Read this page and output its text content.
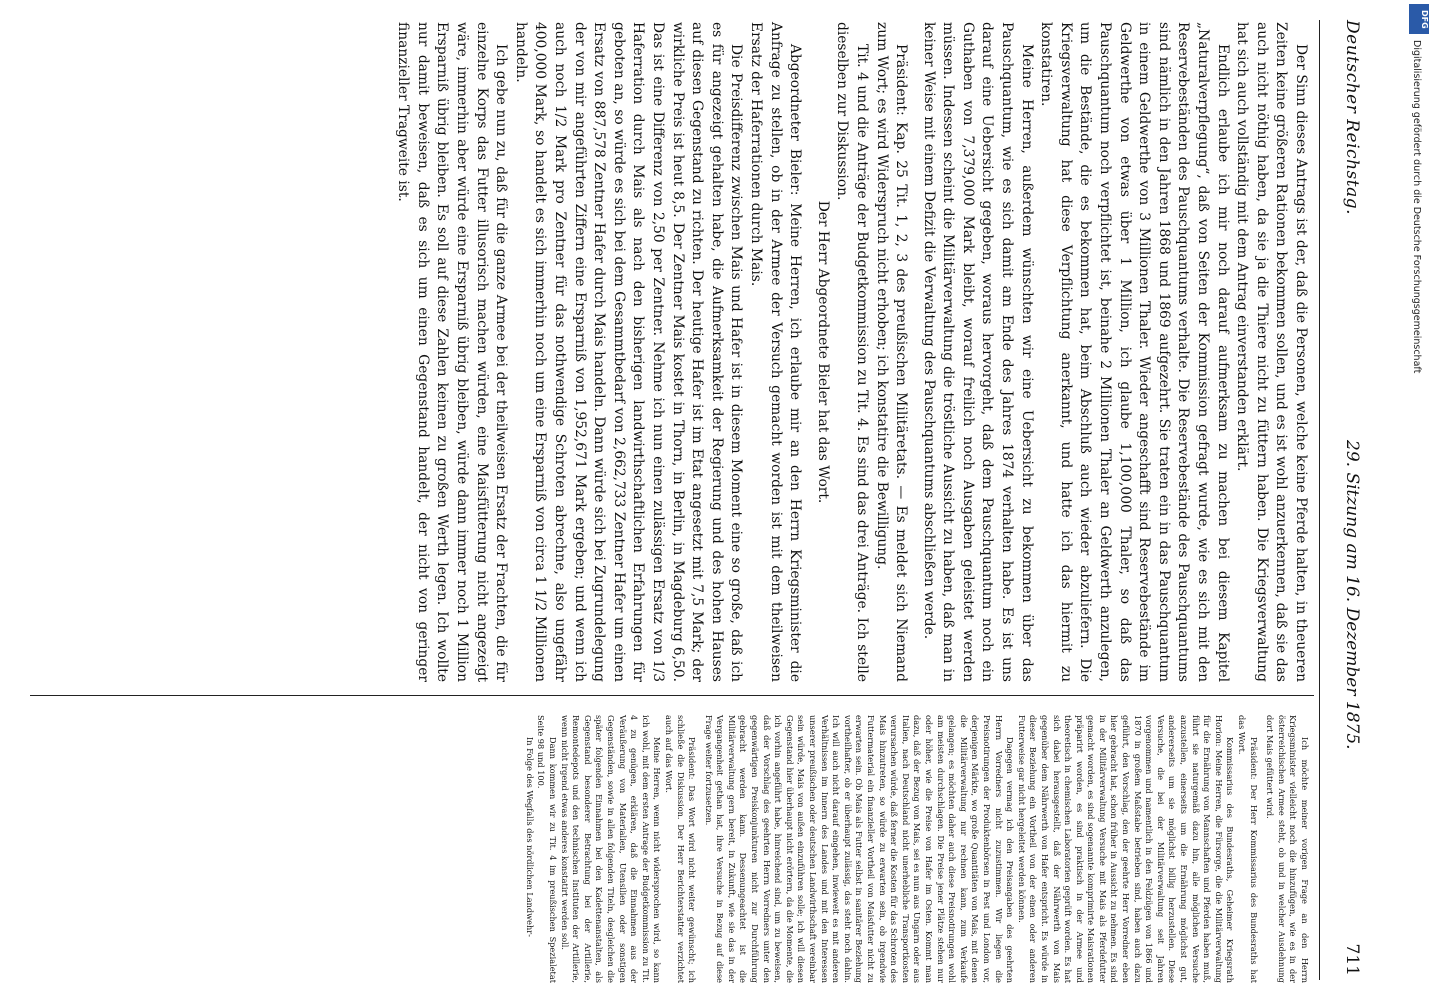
Deutscher Reichstag.
29. Sitzung am 16. Dezember 1875.
711

Der Sinn dieses Antrags ist der, daß die Personen, welche keine Pferde halten, in theueren Zeiten keine größeren Rationen bekommen sollen, und es ist wohl anzuerkennen, daß sie das auch nicht nöthig haben, da sie ja die Thiere nicht zu füttern haben. Die Kriegsverwaltung hat sich auch vollständig mit dem Antrag einverstanden erklärt.

Endlich erlaube ich mir noch darauf aufmerksam zu machen bei diesem Kapitel „Naturalverpflegung“, daß von Seiten der Kommission gefragt wurde, wie es sich mit den Reservebeständen des Pauschquantums verhalte. Die Reservebestände des Pauschquantums sind nämlich in den Jahren 1868 und 1869 aufgezehrt. Sie traten ein in das Pauschquantum in einem Geldwerthe von 3 Millionen Thaler. Wieder angeschafft sind Reservebestände im Geldwerthe von etwas über 1 Million, ich glaube 1,100,000 Thaler, so daß das Pauschquantum noch verpflichtet ist, beinahe 2 Millionen Thaler an Geldwerth anzulegen, um die Bestände, die es bekommen hat, beim Abschluß auch wieder abzuliefern. Die Kriegsverwaltung hat diese Verpflichtung anerkannt, und hatte ich das hiermit zu konstatiren.

Meine Herren, außerdem wünschten wir eine Uebersicht zu bekommen über das Pauschquantum, wie es sich damit am Ende des Jahres 1874 verhalten habe. Es ist uns darauf eine Uebersicht gegeben, woraus hervorgeht, daß dem Pauschquantum noch ein Guthaben von 7,379,000 Mark bleibt, worauf freilich noch Ausgaben geleistet werden müssen. Indessen scheint die Militärverwaltung die tröstliche Aussicht zu haben, daß man in keiner Weise mit einem Defizit die Verwaltung des Pauschquantums abschließen werde.

Präsident: Kap. 25 Tit. 1, 2, 3 des preußischen Militäretats. — Es meldet sich Niemand zum Wort; es wird Widerspruch nicht erhoben; ich konstatire die Bewilligung.

Tit. 4 und die Anträge der Budgetkommission zu Tit. 4. Es sind das drei Anträge. Ich stelle dieselben zur Diskussion.

Der Herr Abgeordnete Bieler hat das Wort.

Abgeordneter Bieler: Meine Herren, ich erlaube mir an den Herrn Kriegsminister die Anfrage zu stellen, ob in der Armee der Versuch gemacht worden ist mit dem theilweisen Ersatz der Haferrationen durch Mais.

Die Preisdifferenz zwischen Mais und Hafer ist in diesem Moment eine so große, daß ich es für angezeigt gehalten habe, die Aufmerksamkeit der Regierung und des hohen Hauses auf diesen Gegenstand zu richten. Der heutige Hafer ist im Etat angesetzt mit 7,5 Mark; der wirkliche Preis ist heut 8,5. Der Zentner Mais kostet in Thorn, in Berlin, in Magdeburg 6,50. Das ist eine Differenz von 2,50 per Zentner. Nehme ich nun einen zulässigen Ersatz von 1/3 Haferration durch Mais als nach den bisherigen landwirthschaftlichen Erfahrungen für geboten an, so würde es sich bei dem Gesammtbedarf von 2,662,733 Zentner Hafer um einen Ersatz von 887,578 Zentner Hafer durch Mais handeln. Dann würde sich bei Zugrundelegung der von mir angeführten Ziffern eine Ersparniß von 1,952,671 Mark ergeben; und wenn ich auch noch 1/2 Mark pro Zentner für das nothwendige Schroten abrechne, also ungefähr 400,000 Mark, so handelt es sich immerhin noch um eine Ersparniß von circa 1 1/2 Millionen handeln.

Ich gebe nun zu, daß für die ganze Armee bei der theilweisen Ersatz der Frachten, die für einzelne Korps das Futter illusorisch machen würden, eine Maisfütterung nicht angezeigt wäre, immerhin aber würde eine Ersparniß übrig bleiben, würde dann immer noch 1 Million Ersparniß übrig bleiben. Es soll auf diese Zahlen keinen zu großen Werth legen. Ich wollte nur damit beweisen, daß es sich um einen Gegenstand handelt, der nicht von geringer finanzieller Tragweite ist.

Ich möchte meiner vorigen Frage an den Herrn Kriegsminister vielleicht noch die hinzufügen, wie es in der österreichischen Armee steht, ob und in welcher Ausdehnung dort Mais gefüttert wird.

Präsident: Der Herr Kommissarius des Bundesraths hat das Wort.

Kommissarius des Bundesraths, Geheimer Kriegsrath Horion: Meine Herren, die Fürsorge, die die Militärverwaltung für die Ernährung von Mannschaften und Pferden haben muß, führt sie naturgemäß dazu hin, alle möglichen Versuche anzustellen, einerseits um die Ernährung möglichst gut, andererseits um sie möglichst billig herzustellen. Diese Versuche, die bei der Militärverwaltung seit Jahren vorgenommen und namentlich in den Feldzügen von 1866 und 1870 in großem Maßstabe betrieben sind, haben auch dazu geführt, den Vorschlag, den der geehrte Herr Vorredner eben hier gebracht hat, schon früher in Aussicht zu nehmen. Es sind in der Militärverwaltung Versuche mit Mais als Pferdefutter gemacht worden, es sind sogenannte komprimirte Maisrationen präparirt worden, es sind praktisch in der Armee und theoretisch in chemischen Laboratorien geprüft worden. Es hat sich dabei herausgestellt, daß der Nährwerth von Mais gegenüber dem Nährwerth von Hafer entspricht. Es würde in dieser Beziehung ein Vortheil von der einen oder anderen Futterweise gar nicht hergeleitet werden können.

Dagegen vermag ich den Preisangaben des geehrten Herrn Vorredners nicht zuzustimmen. Wir liegen die Preisnotirungen der Produktenbörsen in Pest und London vor, derjenigen Märkte, wo große Quantitäten von Mais, mit denen die Militärverwaltung nur rechnen kann, zum Verkaufe gelangen; es möchten daher auch diese Preisnotirungen wohl am meisten durchschlagen. Die Preise jener Plätze stehen nur oder höher, wie die Preise von Hafer im Osten. Kommt man dazu, daß der Bezug von Mais, sei es nun aus Ungarn oder aus Italien, nach Deutschland nicht unerhebliche Transportkosten verursachen würde, daß ferner die Kosten für das Schroten des Mais hinzutreten, so würde zu erwarten sein, ob irgendwie Futtermaterial ein finanzieller Vortheil von Maisfutter nicht zu erwarten sein. Ob Mais als Futter selbst in sanitärer Beziehung vortheilhafter, ob er überhaupt zulässig, das steht noch dahin. Ich will auch nicht darauf eingehen, inwieweit es mit anderen Verhältnissen im Innern des Landes und mit den Interessen unserer preußischen oder deutschen Landwirthschaft vereinbar sein würde, Mais von außen einzuführen solle; ich will diesen Gegenstand hier überhaupt nicht erörtern, da die Momente, die ich vorhin angeführt habe, hinreichend sind, um zu beweisen, daß der Vorschlag des geehrten Herrn Vorredners unter den gegenwärtigen Preiskonjunkturen nicht zur Durchführung gebracht werden kann. Dessenungeachtet ist die Militärverwaltung gern bereit, in Zukunft, wie sie das in der Vergangenheit gethan hat, ihre Versuche in Bezug auf diese Frage weiter fortzusetzen.

Präsident: Das Wort wird nicht weiter gewünscht; ich schließe die Diskussion. Der Herr Berichterstatter verzichtet auch auf das Wort.

Meine Herren, wenn nicht widersprochen wird, so kann ich wohl, mit dem ersten Antrage der Budgetkommission zu Tit. 4 zu genügen, erklären, daß die Einnahmen aus der Veräußerung von Materialien, Utensilien oder sonstigen Gegenständen, sowie in allen folgenden Titeln, desgleichen die später folgenden Einnahmen bei den Kadettenanstalten, als Gegenstand besonderer Betrachtung bei der Artillerie, Remontedepots und den technischen Instituten der Artillerie, wenn nicht irgend etwas anderes konstatirt werden soll.

Dann kommen wir zu Tit. 4 im preußischen Spezialetat Seite 98 und 100.

In Folge des Wegfalls des nördlichen Landwehr-

DFG
Digitalisierung gefördert durch die Deutsche Forschungsgemeinschaft
